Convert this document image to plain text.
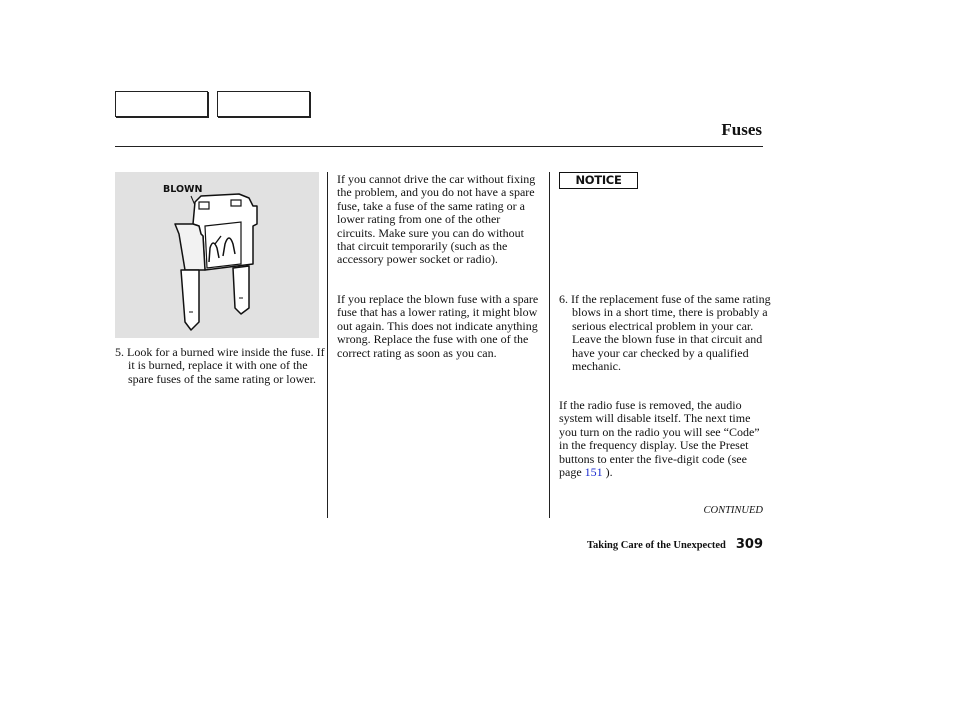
Fuses
BLOWN

5. Look for a burned wire inside the fuse. If it is burned, replace it with one of the spare fuses of the same rating or lower.

If you cannot drive the car without fixing the problem, and you do not have a spare fuse, take a fuse of the same rating or a lower rating from one of the other circuits. Make sure you can do without that circuit temporarily (such as the accessory power socket or radio).

If you replace the blown fuse with a spare fuse that has a lower rating, it might blow out again. This does not indicate anything wrong. Replace the fuse with one of the correct rating as soon as you can.

NOTICE

6. If the replacement fuse of the same rating blows in a short time, there is probably a serious electrical problem in your car. Leave the blown fuse in that circuit and have your car checked by a qualified mechanic.

If the radio fuse is removed, the audio system will disable itself. The next time you turn on the radio you will see “Code” in the frequency display. Use the Preset buttons to enter the five-digit code (see page 151 ).

CONTINUED
Taking Care of the Unexpected 309
